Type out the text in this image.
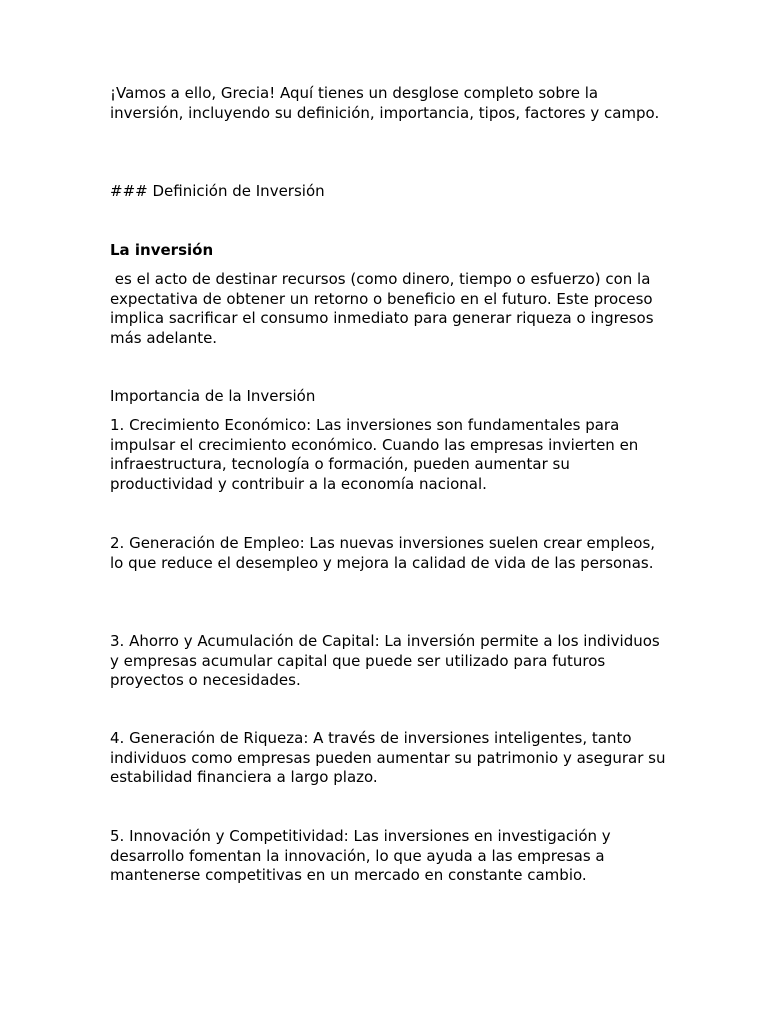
¡Vamos a ello, Grecia! Aquí tienes un desglose completo sobre la inversión, incluyendo su definición, importancia, tipos, factores y campo.

### Definición de Inversión

La inversión

es el acto de destinar recursos (como dinero, tiempo o esfuerzo) con la expectativa de obtener un retorno o beneficio en el futuro. Este proceso implica sacrificar el consumo inmediato para generar riqueza o ingresos más adelante.

Importancia de la Inversión

1. Crecimiento Económico: Las inversiones son fundamentales para impulsar el crecimiento económico. Cuando las empresas invierten en infraestructura, tecnología o formación, pueden aumentar su productividad y contribuir a la economía nacional.

2. Generación de Empleo: Las nuevas inversiones suelen crear empleos, lo que reduce el desempleo y mejora la calidad de vida de las personas.

3. Ahorro y Acumulación de Capital: La inversión permite a los individuos y empresas acumular capital que puede ser utilizado para futuros proyectos o necesidades.

4. Generación de Riqueza: A través de inversiones inteligentes, tanto individuos como empresas pueden aumentar su patrimonio y asegurar su estabilidad financiera a largo plazo.

5. Innovación y Competitividad: Las inversiones en investigación y desarrollo fomentan la innovación, lo que ayuda a las empresas a mantenerse competitivas en un mercado en constante cambio.
